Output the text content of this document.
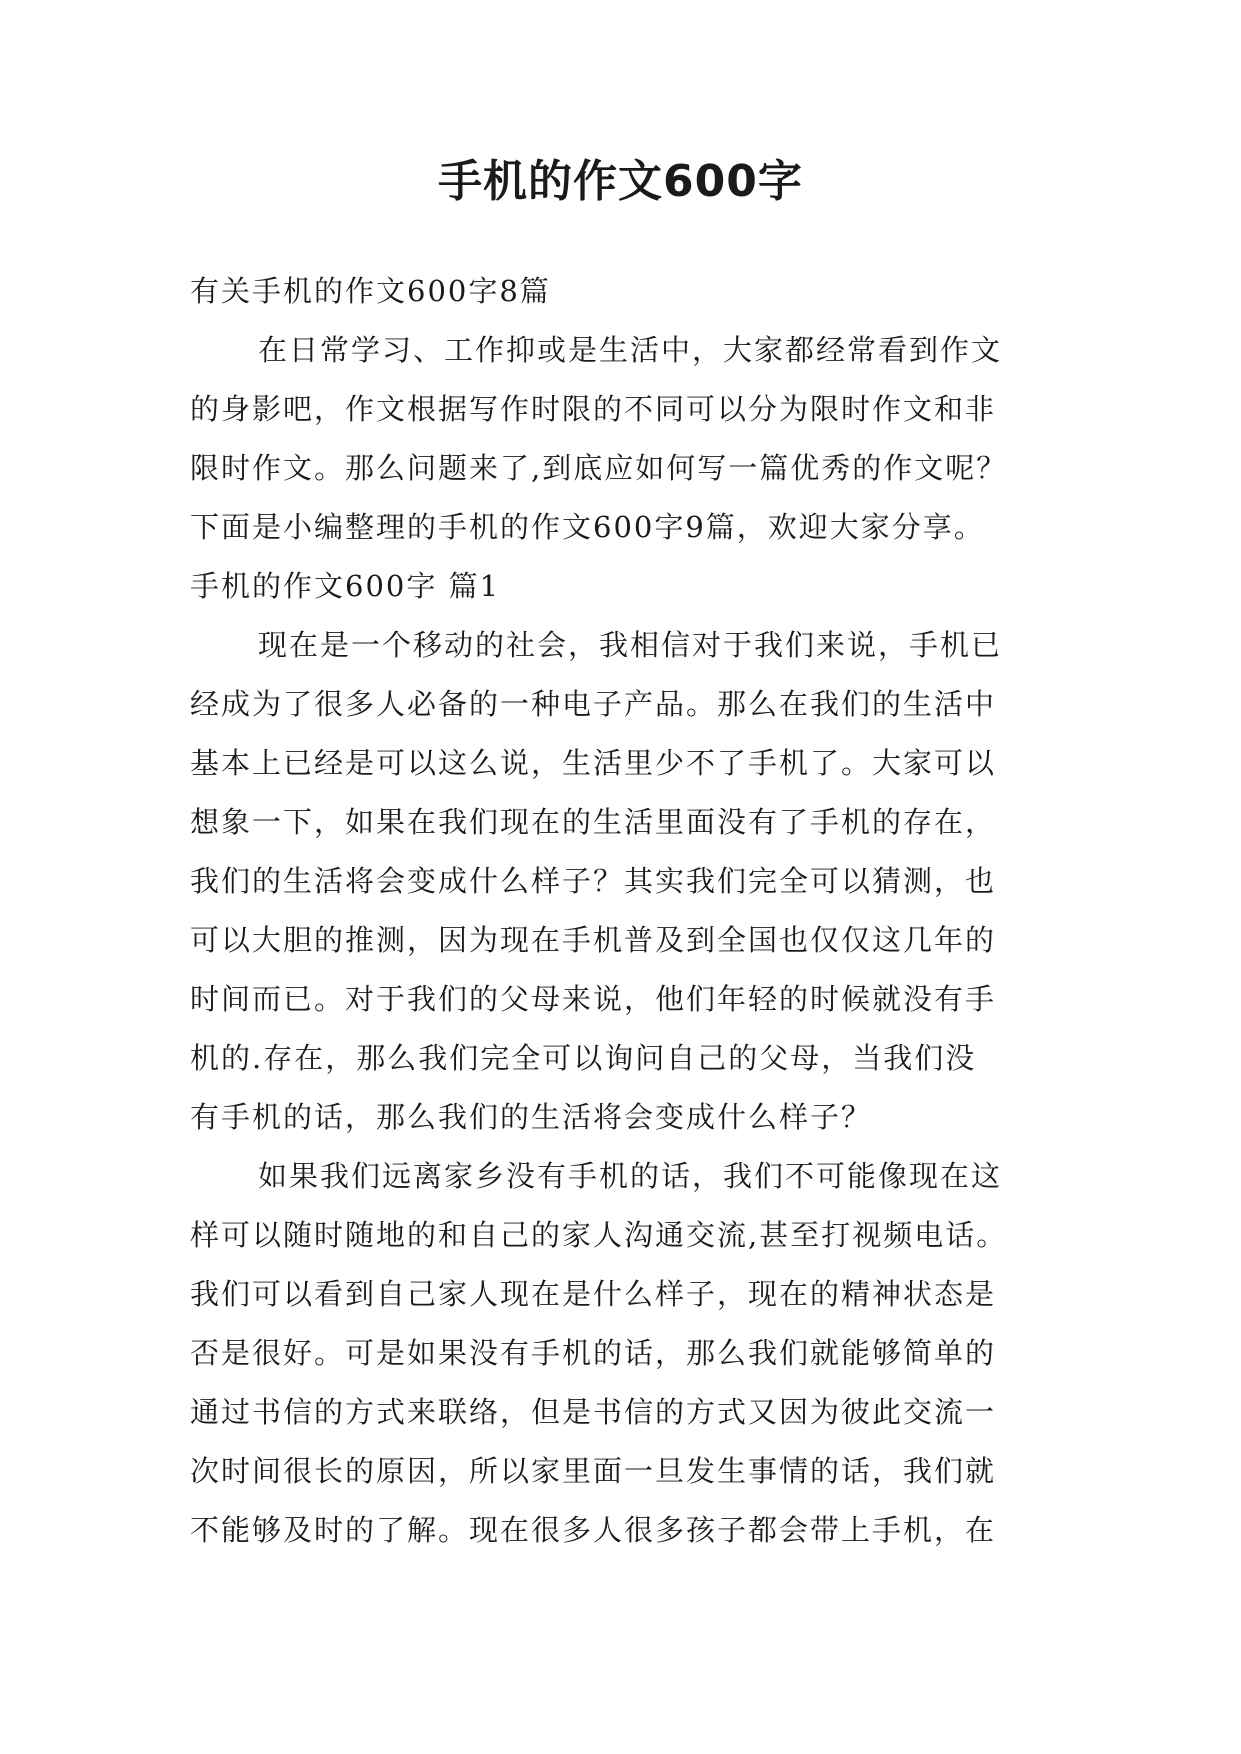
手机的作文600字

有关手机的作文600字8篇

在日常学习、工作抑或是生活中，大家都经常看到作文

的身影吧，作文根据写作时限的不同可以分为限时作文和非

限时作文。那么问题来了,到底应如何写一篇优秀的作文呢？

下面是小编整理的手机的作文600字9篇，欢迎大家分享。

手机的作文600字 篇1

现在是一个移动的社会，我相信对于我们来说，手机已

经成为了很多人必备的一种电子产品。那么在我们的生活中

基本上已经是可以这么说，生活里少不了手机了。大家可以

想象一下，如果在我们现在的生活里面没有了手机的存在，

我们的生活将会变成什么样子？其实我们完全可以猜测，也

可以大胆的推测，因为现在手机普及到全国也仅仅这几年的

时间而已。对于我们的父母来说，他们年轻的时候就没有手

机的.存在，那么我们完全可以询问自己的父母，当我们没

有手机的话，那么我们的生活将会变成什么样子？

如果我们远离家乡没有手机的话，我们不可能像现在这

样可以随时随地的和自己的家人沟通交流,甚至打视频电话。

我们可以看到自己家人现在是什么样子，现在的精神状态是

否是很好。可是如果没有手机的话，那么我们就能够简单的

通过书信的方式来联络，但是书信的方式又因为彼此交流一

次时间很长的原因，所以家里面一旦发生事情的话，我们就

不能够及时的了解。现在很多人很多孩子都会带上手机，在
